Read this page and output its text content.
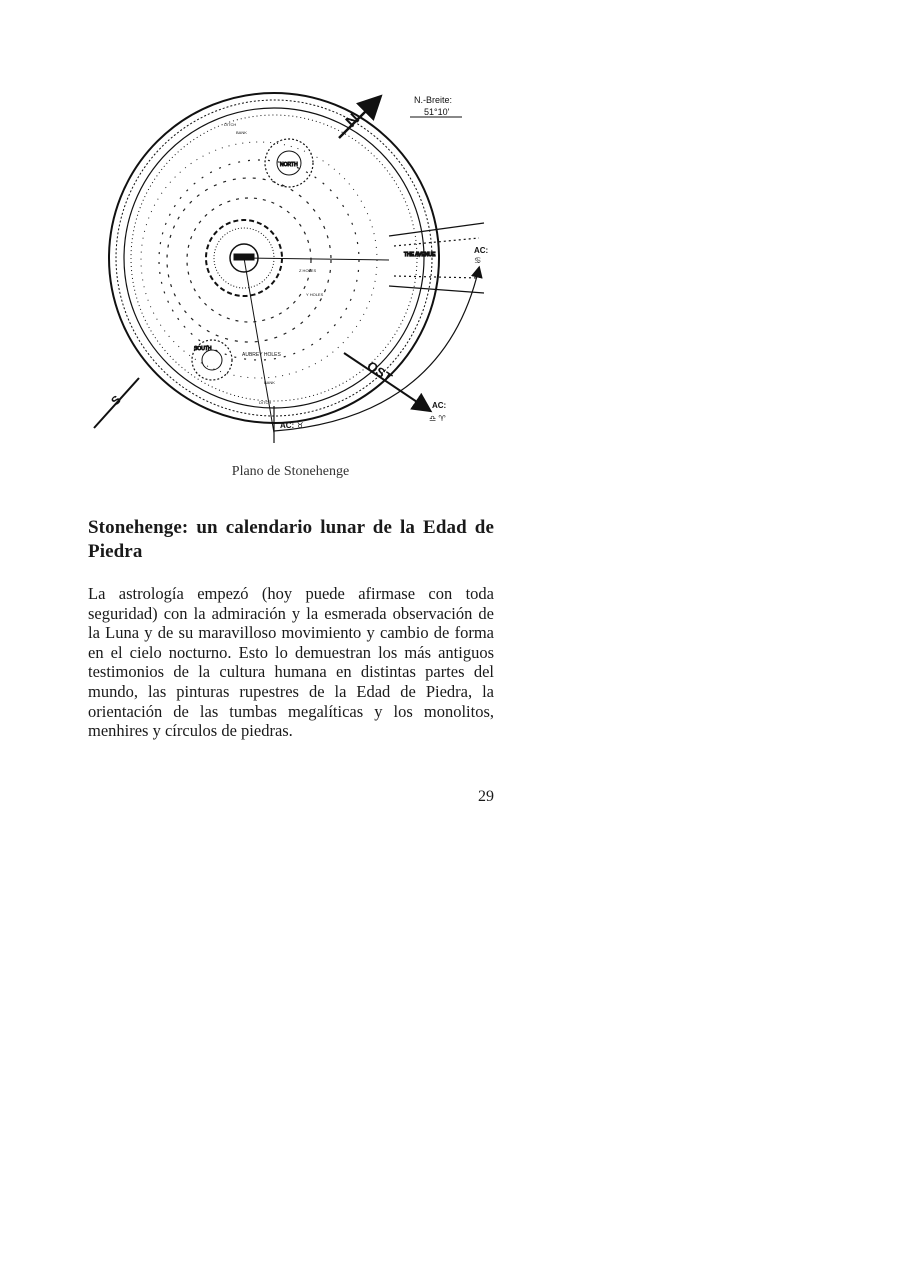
NORTH
SOUTH
THE AVENUE
N
N.-Breite:
51°10'
OST
S
AC:
♋
AC:
♎ ♈
AC: ♉
DITCH
BANK
DITCH
BANK
AUBREY HOLES
Z HOLES
Y HOLES
Plano de Stonehenge
Stonehenge: un calendario lunar de la Edad de Piedra
La astrología empezó (hoy puede afirmase con toda seguridad) con la admiración y la esmerada observación de la Luna y de su maravilloso movimiento y cambio de forma en el cielo nocturno. Esto lo demuestran los más antiguos testimonios de la cultura humana en distintas partes del mundo, las pinturas rupestres de la Edad de Piedra, la orientación de las tumbas megalíticas y los monolitos, menhires y círculos de piedras.
29
